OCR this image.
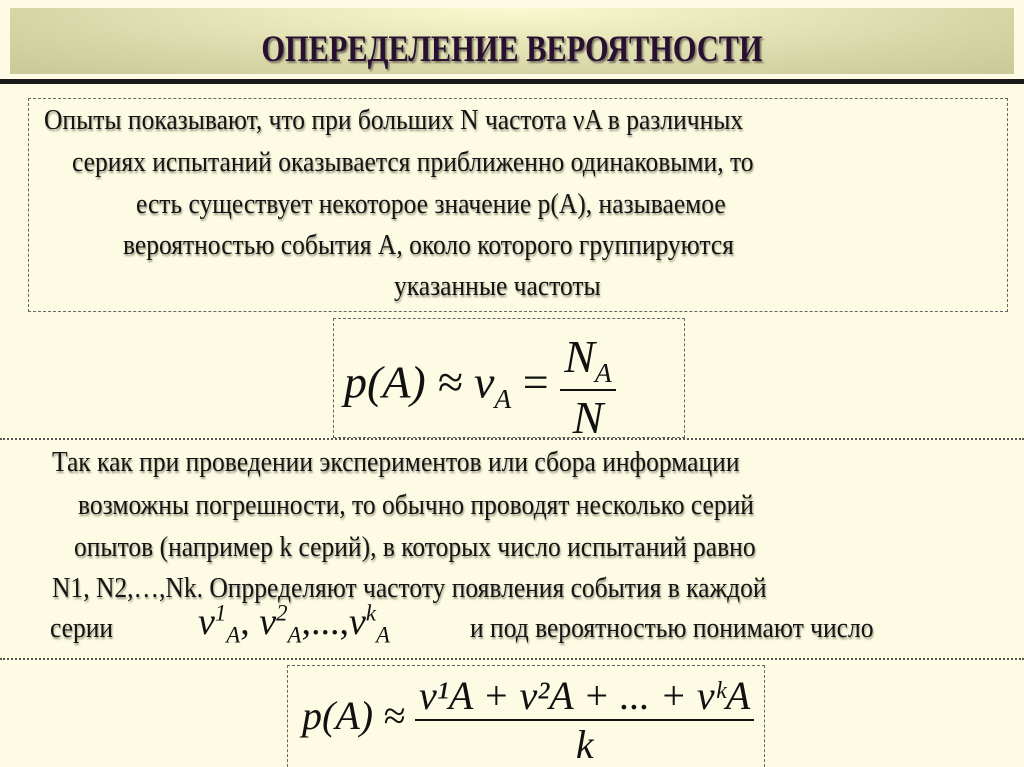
ОПЕРЕДЕЛЕНИЕ ВЕРОЯТНОСТИ
Опыты показывают, что при больших N частота νA в различных
сериях испытаний оказывается приближенно одинаковыми, то
есть существует некоторое значение p(A), называемое
вероятностью события A, около которого группируются
указанные частоты
$p(A) \approx \nu_A = \frac{N_A}{N}$
Так как при проведении экспериментов или сбора информации
возможны погрешности, то обычно проводят несколько серий
опытов (например k серий), в которых число испытаний равно
N1, N2,…,Nk. Опрределяют частоту появления события в каждой
серии $\nu^1_A$, $\nu^2_A,...,\nu^k_A$	и под вероятностью понимают число
$p(A) \approx \frac{\text{ν¹A + ν²A + ... + νᵏA}}{k}$
